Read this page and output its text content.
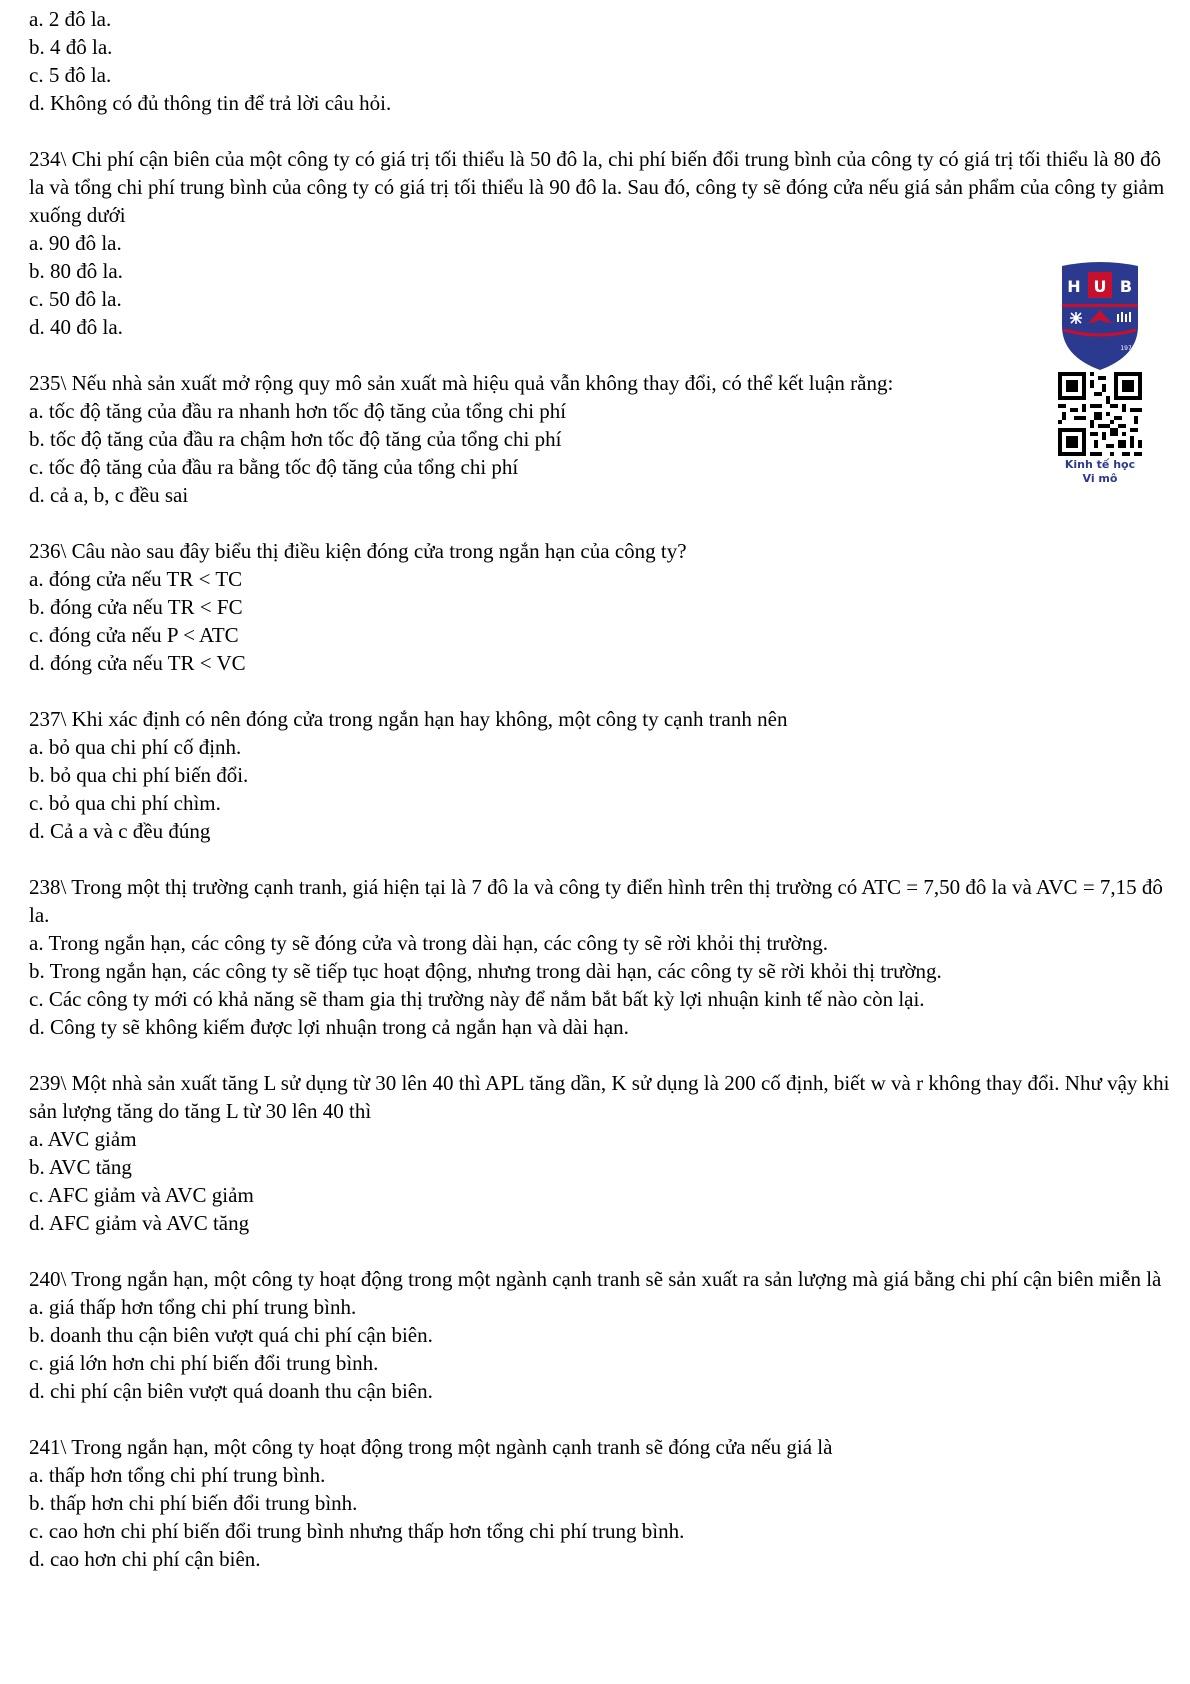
a. 2 đô la.

b. 4 đô la.

c. 5 đô la.

d. Không có đủ thông tin để trả lời câu hỏi.

234\ Chi phí cận biên của một công ty có giá trị tối thiểu là 50 đô la, chi phí biến đổi trung bình của công ty có giá trị tối thiểu là 80 đô la và tổng chi phí trung bình của công ty có giá trị tối thiểu là 90 đô la. Sau đó, công ty sẽ đóng cửa nếu giá sản phẩm của công ty giảm xuống dưới

a. 90 đô la.

b. 80 đô la.

c. 50 đô la.

d. 40 đô la.

235\ Nếu nhà sản xuất mở rộng quy mô sản xuất mà hiệu quả vẫn không thay đổi, có thể kết luận rằng:

a. tốc độ tăng của đầu ra nhanh hơn tốc độ tăng của tổng chi phí

b. tốc độ tăng của đầu ra chậm hơn tốc độ tăng của tổng chi phí

c. tốc độ tăng của đầu ra bằng tốc độ tăng của tổng chi phí

d. cả a, b, c đều sai

236\ Câu nào sau đây biểu thị điều kiện đóng cửa trong ngắn hạn của công ty?

a. đóng cửa nếu TR < TC

b. đóng cửa nếu TR < FC

c. đóng cửa nếu P < ATC

d. đóng cửa nếu TR < VC

237\ Khi xác định có nên đóng cửa trong ngắn hạn hay không, một công ty cạnh tranh nên

a. bỏ qua chi phí cố định.

b. bỏ qua chi phí biến đổi.

c. bỏ qua chi phí chìm.

d. Cả a và c đều đúng

238\ Trong một thị trường cạnh tranh, giá hiện tại là 7 đô la và công ty điển hình trên thị trường có ATC = 7,50 đô la và AVC = 7,15 đô la.

a. Trong ngắn hạn, các công ty sẽ đóng cửa và trong dài hạn, các công ty sẽ rời khỏi thị trường.

b. Trong ngắn hạn, các công ty sẽ tiếp tục hoạt động, nhưng trong dài hạn, các công ty sẽ rời khỏi thị trường.

c. Các công ty mới có khả năng sẽ tham gia thị trường này để nắm bắt bất kỳ lợi nhuận kinh tế nào còn lại.

d. Công ty sẽ không kiếm được lợi nhuận trong cả ngắn hạn và dài hạn.

239\ Một nhà sản xuất tăng L sử dụng từ 30 lên 40 thì APL tăng dần, K sử dụng là 200 cố định, biết w và r không thay đổi. Như vậy khi sản lượng tăng do tăng L từ 30 lên 40 thì

a. AVC giảm

b. AVC tăng

c. AFC giảm và AVC giảm

d. AFC giảm và AVC tăng

240\ Trong ngắn hạn, một công ty hoạt động trong một ngành cạnh tranh sẽ sản xuất ra sản lượng mà giá bằng chi phí cận biên miễn là

a. giá thấp hơn tổng chi phí trung bình.

b. doanh thu cận biên vượt quá chi phí cận biên.

c. giá lớn hơn chi phí biến đổi trung bình.

d. chi phí cận biên vượt quá doanh thu cận biên.

241\ Trong ngắn hạn, một công ty hoạt động trong một ngành cạnh tranh sẽ đóng cửa nếu giá là

a. thấp hơn tổng chi phí trung bình.

b. thấp hơn chi phí biến đổi trung bình.

c. cao hơn chi phí biến đổi trung bình nhưng thấp hơn tổng chi phí trung bình.

d. cao hơn chi phí cận biên.

H U B
1976
Kinh tế học
Vi mô
